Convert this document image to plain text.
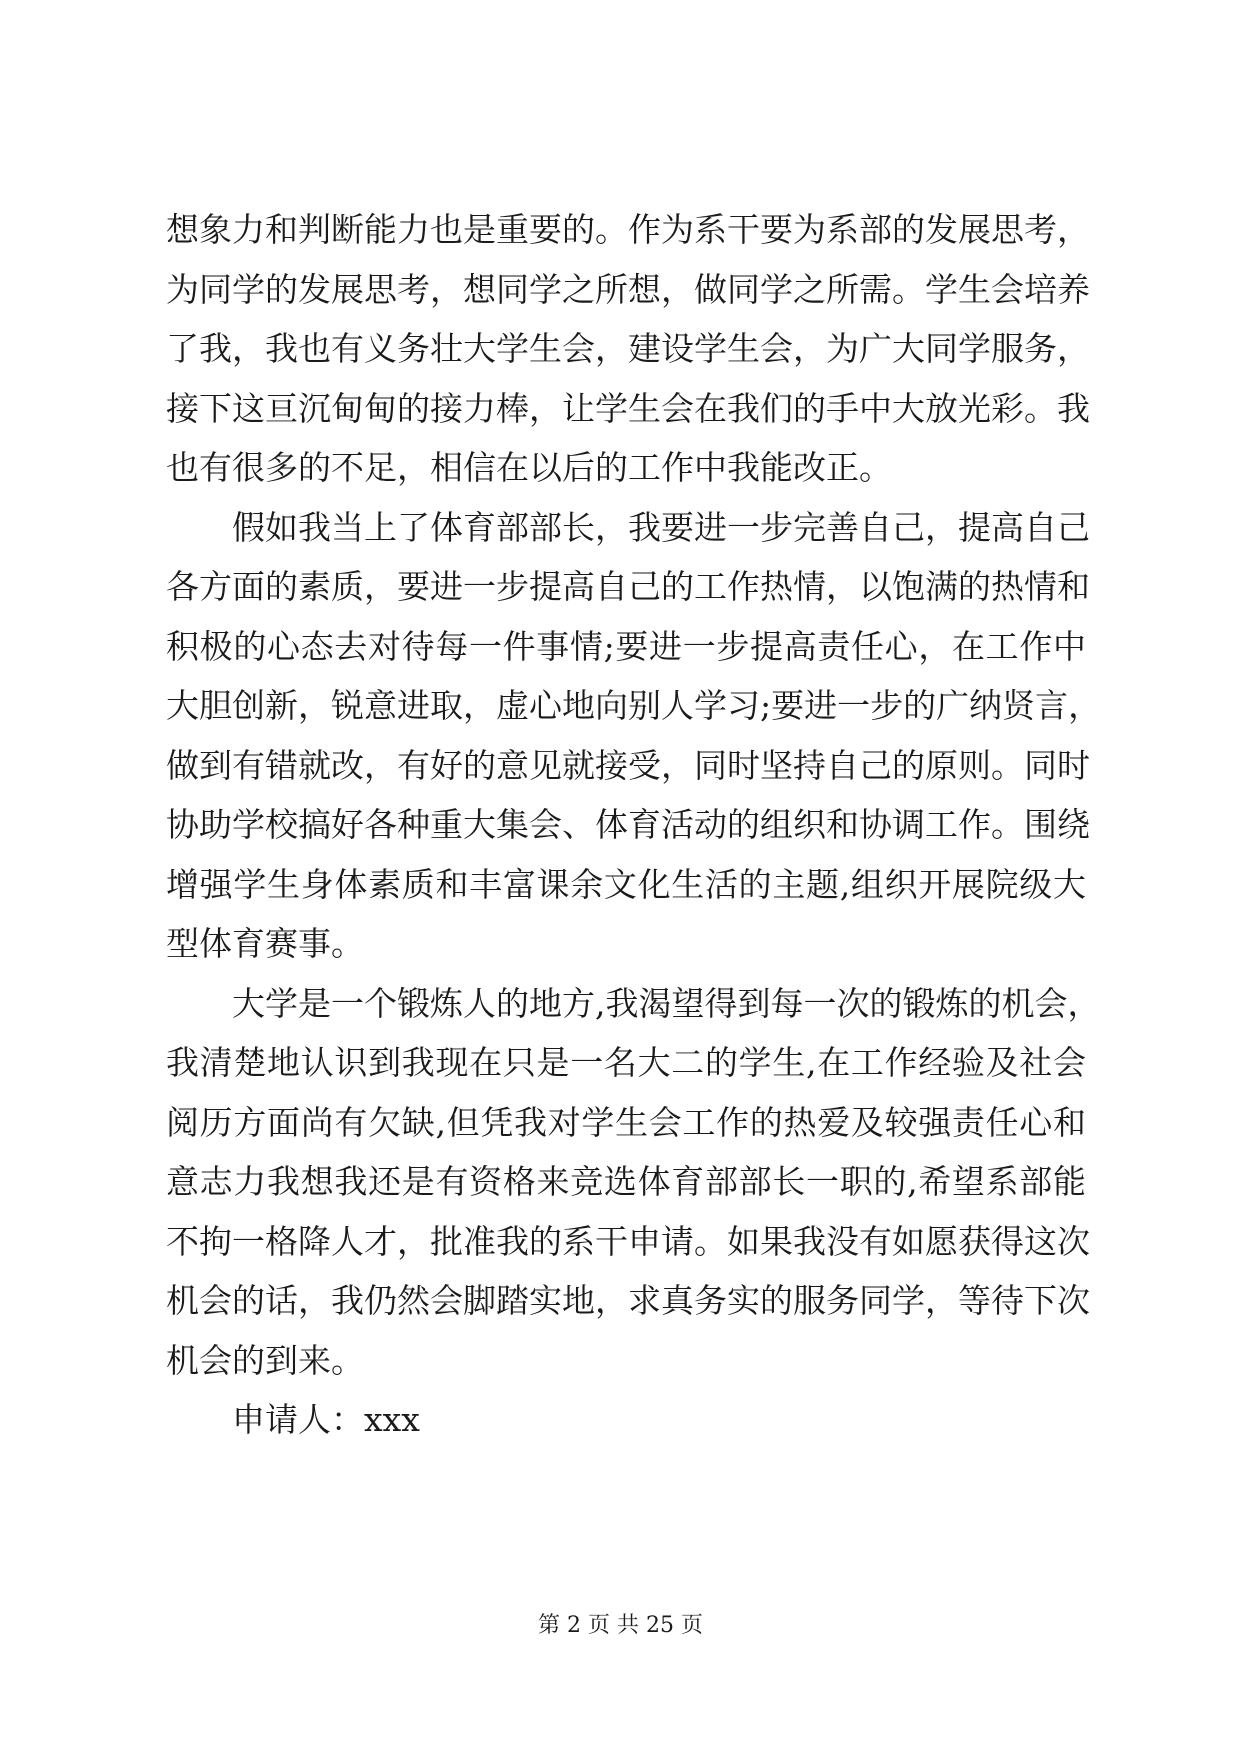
想象力和判断能力也是重要的。作为系干要为系部的发展思考，
为同学的发展思考，想同学之所想，做同学之所需。学生会培养
了我，我也有义务壮大学生会，建设学生会，为广大同学服务，
接下这亘沉甸甸的接力棒，让学生会在我们的手中大放光彩。我
也有很多的不足，相信在以后的工作中我能改正。
假如我当上了体育部部长，我要进一步完善自己，提高自己
各方面的素质，要进一步提高自己的工作热情，以饱满的热情和
积极的心态去对待每一件事情;要进一步提高责任心，在工作中
大胆创新，锐意进取，虚心地向别人学习;要进一步的广纳贤言，
做到有错就改，有好的意见就接受，同时坚持自己的原则。同时
协助学校搞好各种重大集会、体育活动的组织和协调工作。围绕
增强学生身体素质和丰富课余文化生活的主题,组织开展院级大
型体育赛事。
大学是一个锻炼人的地方,我渴望得到每一次的锻炼的机会，
我清楚地认识到我现在只是一名大二的学生,在工作经验及社会
阅历方面尚有欠缺,但凭我对学生会工作的热爱及较强责任心和
意志力我想我还是有资格来竞选体育部部长一职的,希望系部能
不拘一格降人才，批准我的系干申请。如果我没有如愿获得这次
机会的话，我仍然会脚踏实地，求真务实的服务同学，等待下次
机会的到来。
申请人：xxx
第 2 页 共 25 页
